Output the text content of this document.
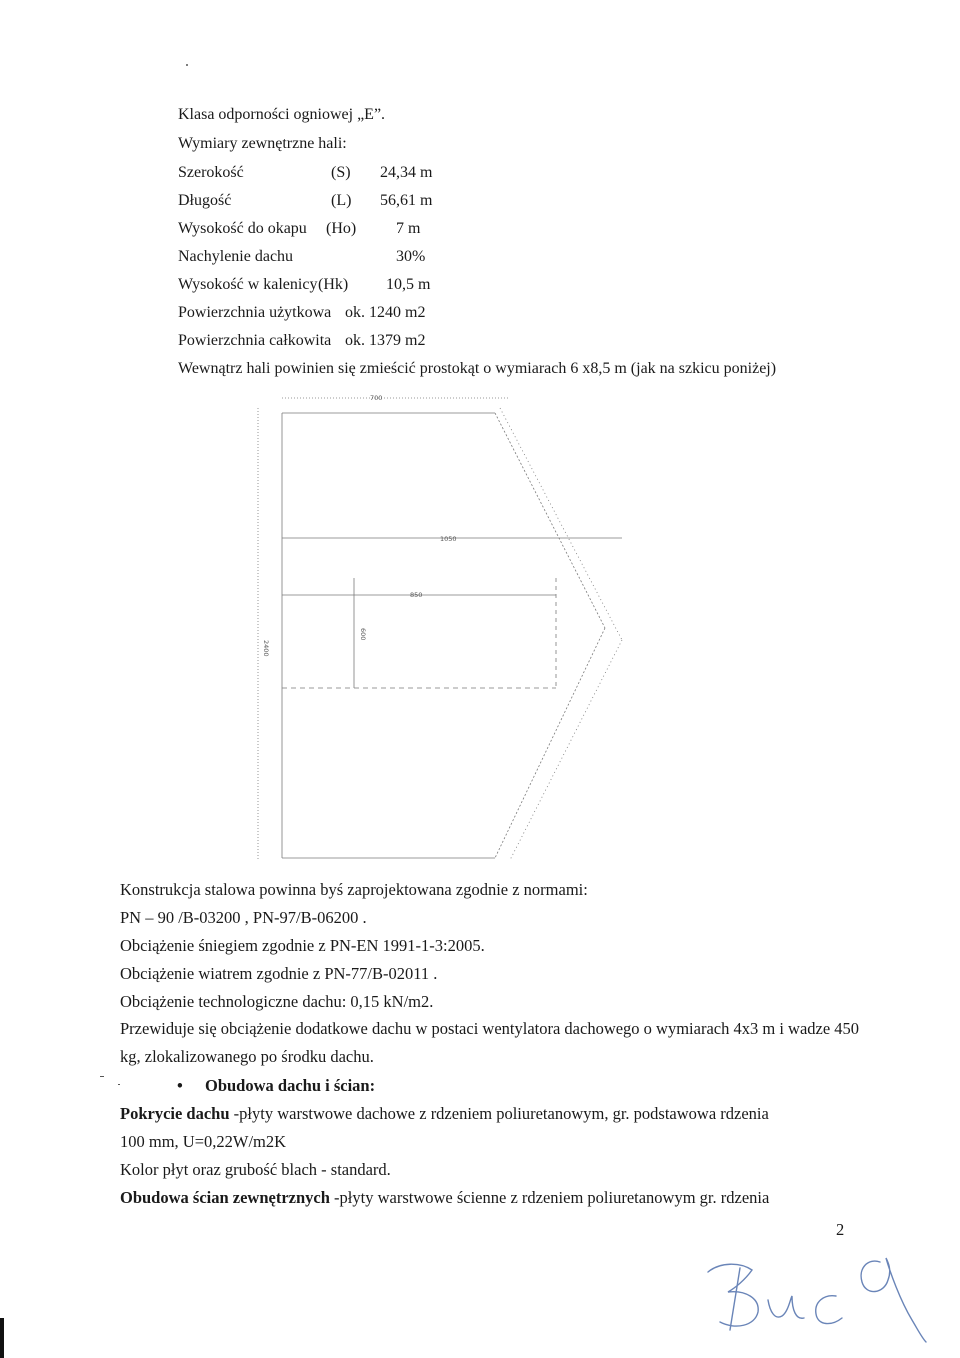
Klasa odporności ogniowej „E”.
Wymiary zewnętrzne hali:
Szerokość	(S) 24,34 m
Długość	(L) 56,61 m
Wysokość do okapu (Ho) 7 m
Nachylenie dachu	30%
Wysokość w kalenicy (Hk) 10,5 m
Powierzchnia użytkowa ok. 1240 m2
Powierzchnia całkowita ok. 1379 m2
Wewnątrz hali powinien się zmieścić prostokąt o wymiarach 6 x8,5 m (jak na szkicu poniżej)
700
1050
850
2400
600
Konstrukcja stalowa powinna byś zaprojektowana zgodnie z normami:
PN – 90 /B-03200 , PN-97/B-06200 .
Obciążenie śniegiem zgodnie z PN-EN 1991-1-3:2005.
Obciążenie wiatrem zgodnie z PN-77/B-02011 .
Obciążenie technologiczne dachu: 0,15 kN/m2.
Przewiduje się obciążenie dodatkowe dachu w postaci wentylatora dachowego o wymiarach 4x3 m i wadze 450
kg, zlokalizowanego po środku dachu.
• Obudowa dachu i ścian:
Pokrycie dachu -płyty warstwowe dachowe z rdzeniem poliuretanowym, gr. podstawowa rdzenia
100 mm, U=0,22W/m2K
Kolor płyt oraz grubość blach - standard.
Obudowa ścian zewnętrznych -płyty warstwowe ścienne z rdzeniem poliuretanowym gr. rdzenia
2
